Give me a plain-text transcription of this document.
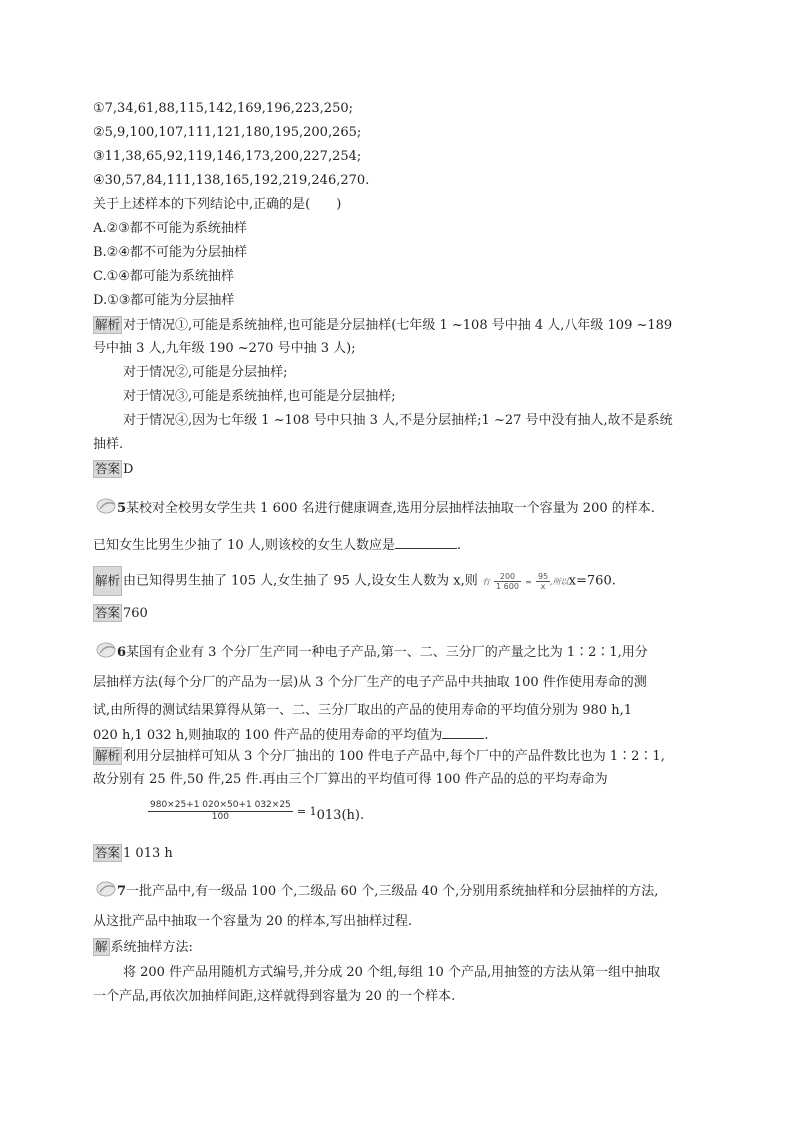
①7,34,61,88,115,142,169,196,223,250;
②5,9,100,107,111,121,180,195,200,265;
③11,38,65,92,119,146,173,200,227,254;
④30,57,84,111,138,165,192,219,246,270.
关于上述样本的下列结论中,正确的是(　　)
A.②③都不可能为系统抽样
B.②④都不可能为分层抽样
C.①④都可能为系统抽样
D.①③都可能为分层抽样
解析 对于情况①,可能是系统抽样,也可能是分层抽样(七年级 1 ~108 号中抽 4 人,八年级 109 ~189
号中抽 3 人,九年级 190 ~270 号中抽 3 人);
对于情况②,可能是分层抽样;
对于情况③,可能是系统抽样,也可能是分层抽样;
对于情况④,因为七年级 1 ~108 号中只抽 3 人,不是分层抽样;1 ~27 号中没有抽人,故不是系统
抽样.
答案 D
5某校对全校男女学生共 1 600 名进行健康调查,选用分层抽样法抽取一个容量为 200 的样本.
已知女生比男生少抽了 10 人,则该校的女生人数应是	.
解析 由已知得男生抽了 105 人,女生抽了 95 人,设女生人数为 x,则 有 $\frac{200}{1 600} = \frac{95}{x}$ ,所以x=760.
答案 760
6某国有企业有 3 个分厂生产同一种电子产品,第一、二、三分厂的产量之比为 1∶2∶1,用分
层抽样方法(每个分厂的产品为一层)从 3 个分厂生产的电子产品中共抽取 100 件作使用寿命的测
试,由所得的测试结果算得从第一、二、三分厂取出的产品的使用寿命的平均值分别为 980 h,1
020 h,1 032 h,则抽取的 100 件产品的使用寿命的平均值为	.
解析 利用分层抽样可知从 3 个分厂抽出的 100 件电子产品中,每个厂中的产品件数比也为 1∶2∶1,
故分别有 25 件,50 件,25 件.再由三个厂算出的平均值可得 100 件产品的总的平均寿命为
$\frac{980\times 25+1 020\times 50+1 032\times 25}{100} = 1013(h)$.
答案 1 013 h
7一批产品中,有一级品 100 个,二级品 60 个,三级品 40 个,分别用系统抽样和分层抽样的方法,
从这批产品中抽取一个容量为 20 的样本,写出抽样过程.
解 系统抽样方法:
将 200 件产品用随机方式编号,并分成 20 个组,每组 10 个产品,用抽签的方法从第一组中抽取
一个产品,再依次加抽样间距,这样就得到容量为 20 的一个样本.
